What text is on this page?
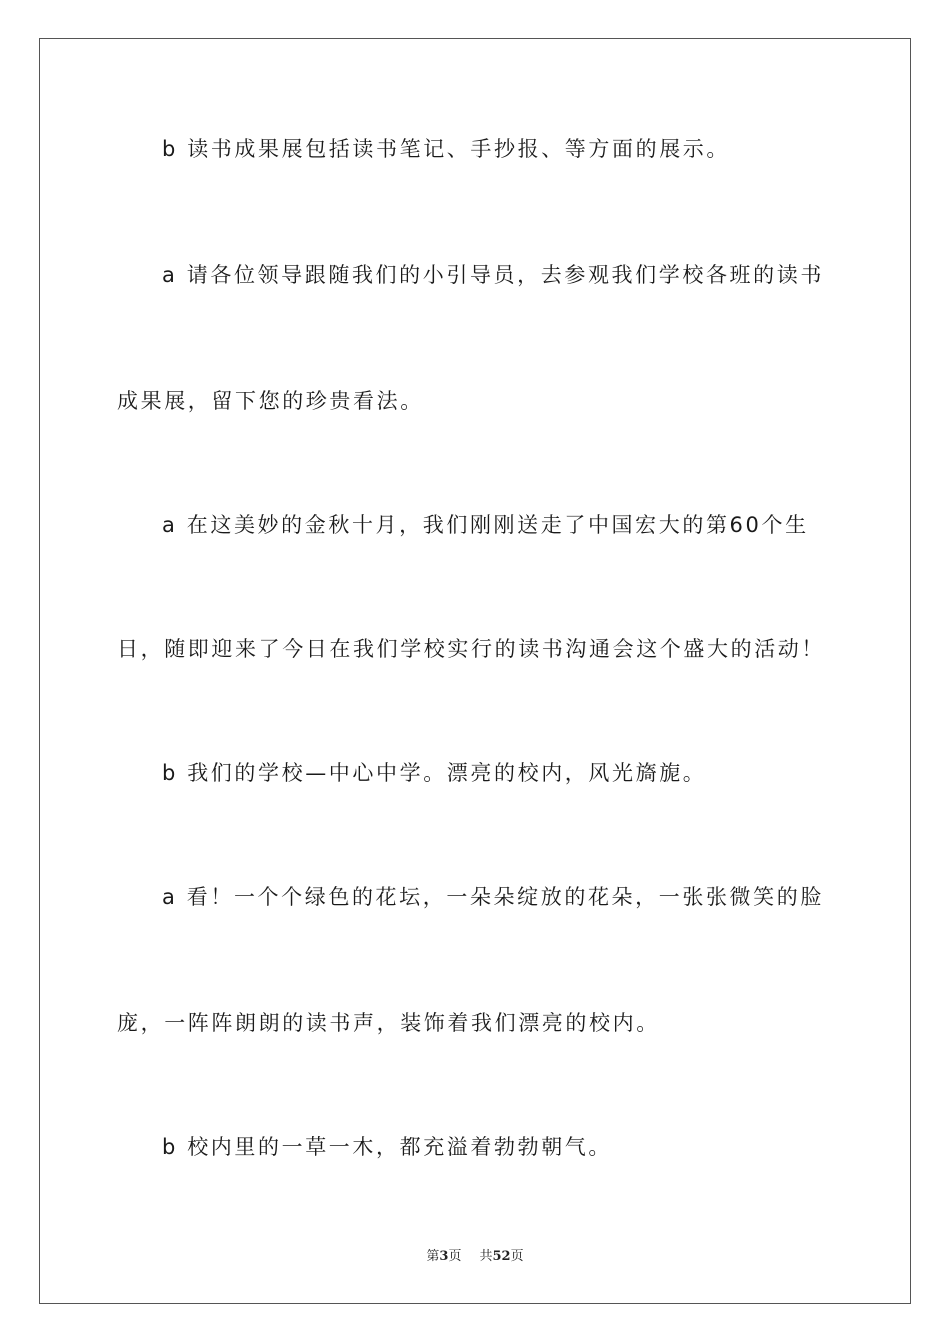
b 读书成果展包括读书笔记、手抄报、等方面的展示。
a 请各位领导跟随我们的小引导员，去参观我们学校各班的读书
成果展，留下您的珍贵看法。
a 在这美妙的金秋十月，我们刚刚送走了中国宏大的第60个生
日，随即迎来了今日在我们学校实行的读书沟通会这个盛大的活动！
b 我们的学校—中心中学。漂亮的校内，风光旖旎。
a 看！一个个绿色的花坛，一朵朵绽放的花朵，一张张微笑的脸
庞，一阵阵朗朗的读书声，装饰着我们漂亮的校内。
b 校内里的一草一木，都充溢着勃勃朝气。
第3页 共52页
